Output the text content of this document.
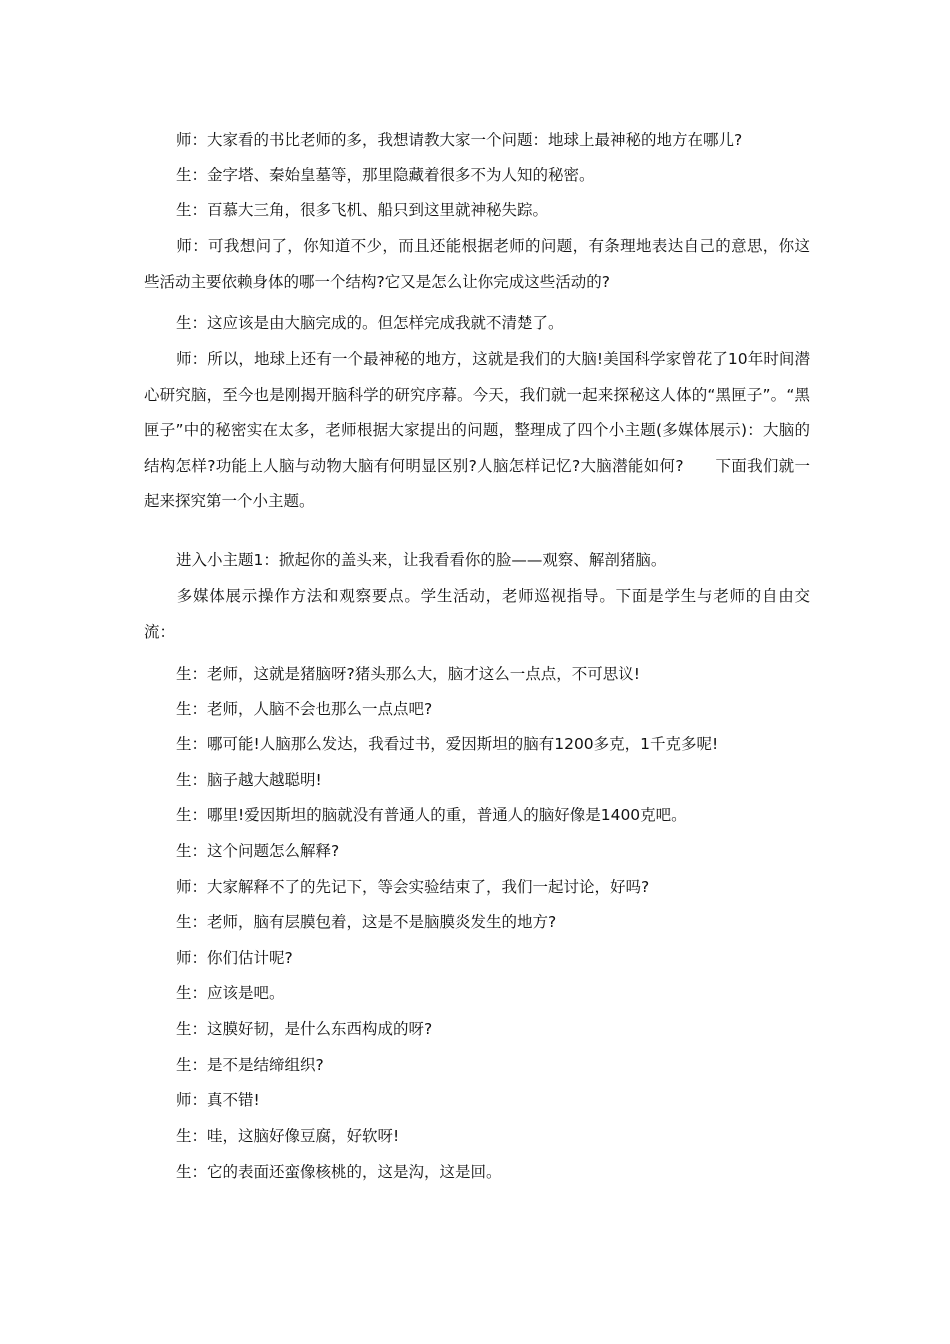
师：大家看的书比老师的多，我想请教大家一个问题：地球上最神秘的地方在哪儿?

生：金字塔、秦始皇墓等，那里隐藏着很多不为人知的秘密。

生：百慕大三角，很多飞机、船只到这里就神秘失踪。

师：可我想问了，你知道不少，而且还能根据老师的问题，有条理地表达自己的意思，你这些活动主要依赖身体的哪一个结构?它又是怎么让你完成这些活动的?

生：这应该是由大脑完成的。但怎样完成我就不清楚了。

师：所以，地球上还有一个最神秘的地方，这就是我们的大脑!美国科学家曾花了10年时间潜心研究脑，至今也是刚揭开脑科学的研究序幕。今天，我们就一起来探秘这人体的“黑匣子”。“黑匣子”中的秘密实在太多，老师根据大家提出的问题，整理成了四个小主题(多媒体展示)：大脑的结构怎样?功能上人脑与动物大脑有何明显区别?人脑怎样记忆?大脑潜能如何?　　下面我们就一起来探究第一个小主题。

进入小主题1：掀起你的盖头来，让我看看你的脸——观察、解剖猪脑。

多媒体展示操作方法和观察要点。学生活动，老师巡视指导。下面是学生与老师的自由交流：

生：老师，这就是猪脑呀?猪头那么大，脑才这么一点点，不可思议!

生：老师，人脑不会也那么一点点吧?

生：哪可能!人脑那么发达，我看过书，爱因斯坦的脑有1200多克，1千克多呢!

生：脑子越大越聪明!

生：哪里!爱因斯坦的脑就没有普通人的重，普通人的脑好像是1400克吧。

生：这个问题怎么解释?

师：大家解释不了的先记下，等会实验结束了，我们一起讨论，好吗?

生：老师，脑有层膜包着，这是不是脑膜炎发生的地方?

师：你们估计呢?

生：应该是吧。

生：这膜好韧，是什么东西构成的呀?

生：是不是结缔组织?

师：真不错!

生：哇，这脑好像豆腐，好软呀!

生：它的表面还蛮像核桃的，这是沟，这是回。
